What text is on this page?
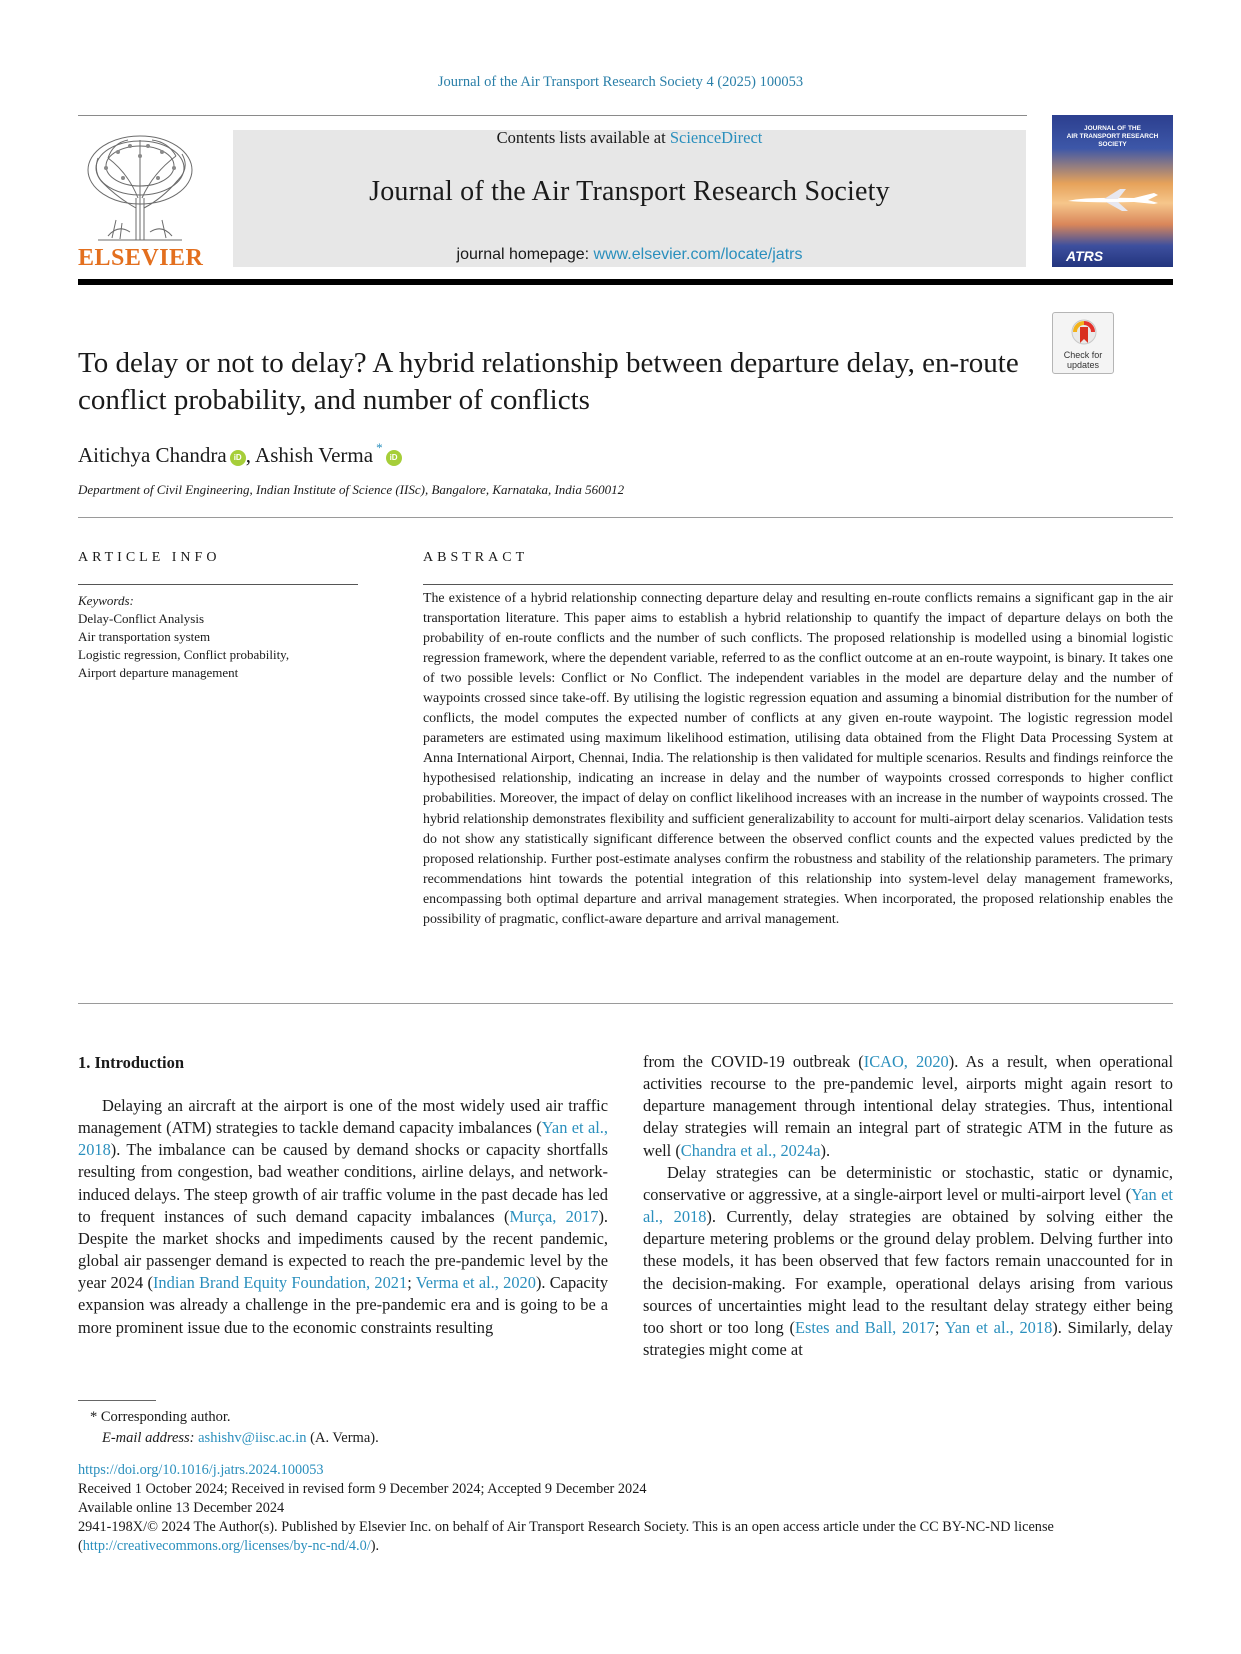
Journal of the Air Transport Research Society 4 (2025) 100053
ELSEVIER
Contents lists available at ScienceDirect
Journal of the Air Transport Research Society
journal homepage: www.elsevier.com/locate/jatrs
JOURNAL OF THE
AIR TRANSPORT RESEARCH SOCIETY
ATRS
Check for
updates
To delay or not to delay? A hybrid relationship between departure delay, en-route conflict probability, and number of conflicts
Aitichya Chandra iD , Ashish Verma *iD
Department of Civil Engineering, Indian Institute of Science (IISc), Bangalore, Karnataka, India 560012
ARTICLE INFO	ABSTRACT
Keywords:
Delay-Conflict Analysis
Air transportation system
Logistic regression, Conflict probability,
Airport departure management
The existence of a hybrid relationship connecting departure delay and resulting en-route conflicts remains a significant gap in the air transportation literature. This paper aims to establish a hybrid relationship to quantify the impact of departure delays on both the probability of en-route conflicts and the number of such conflicts. The proposed relationship is modelled using a binomial logistic regression framework, where the dependent variable, referred to as the conflict outcome at an en-route waypoint, is binary. It takes one of two possible levels: Conflict or No Conflict. The independent variables in the model are departure delay and the number of waypoints crossed since take-off. By utilising the logistic regression equation and assuming a binomial distribution for the number of conflicts, the model computes the expected number of conflicts at any given en-route waypoint. The logistic regression model parameters are estimated using maximum likelihood estimation, utilising data obtained from the Flight Data Processing System at Anna International Airport, Chennai, India. The relationship is then validated for multiple scenarios. Results and findings reinforce the hypothesised relationship, indicating an increase in delay and the number of waypoints crossed corresponds to higher conflict probabilities. Moreover, the impact of delay on conflict likelihood increases with an increase in the number of waypoints crossed. The hybrid relationship demonstrates flexibility and sufficient generalizability to account for multi-airport delay scenarios. Validation tests do not show any statistically significant difference between the observed conflict counts and the expected values predicted by the proposed relationship. Further post-estimate analyses confirm the robustness and stability of the relationship parameters. The primary recommendations hint towards the potential integration of this relationship into system-level delay management frameworks, encompassing both optimal departure and arrival management strategies. When incorporated, the proposed relationship enables the possibility of pragmatic, conflict-aware departure and arrival management.
1. Introduction

Delaying an aircraft at the airport is one of the most widely used air traffic management (ATM) strategies to tackle demand capacity imbalances (Yan et al., 2018). The imbalance can be caused by demand shocks or capacity shortfalls resulting from congestion, bad weather conditions, airline delays, and network-induced delays. The steep growth of air traffic volume in the past decade has led to frequent instances of such demand capacity imbalances (Murça, 2017). Despite the market shocks and impediments caused by the recent pandemic, global air passenger demand is expected to reach the pre-pandemic level by the year 2024 (Indian Brand Equity Foundation, 2021; Verma et al., 2020). Capacity expansion was already a challenge in the pre-pandemic era and is going to be a more prominent issue due to the economic constraints resulting

from the COVID-19 outbreak (ICAO, 2020). As a result, when operational activities recourse to the pre-pandemic level, airports might again resort to departure management through intentional delay strategies. Thus, intentional delay strategies will remain an integral part of strategic ATM in the future as well (Chandra et al., 2024a).

Delay strategies can be deterministic or stochastic, static or dynamic, conservative or aggressive, at a single-airport level or multi-airport level (Yan et al., 2018). Currently, delay strategies are obtained by solving either the departure metering problems or the ground delay problem. Delving further into these models, it has been observed that few factors remain unaccounted for in the decision-making. For example, operational delays arising from various sources of uncertainties might lead to the resultant delay strategy either being too short or too long (Estes and Ball, 2017; Yan et al., 2018). Similarly, delay strategies might come at

* Corresponding author.
E-mail address: ashishv@iisc.ac.in (A. Verma).
https://doi.org/10.1016/j.jatrs.2024.100053
Received 1 October 2024; Received in revised form 9 December 2024; Accepted 9 December 2024
Available online 13 December 2024
2941-198X/© 2024 The Author(s). Published by Elsevier Inc. on behalf of Air Transport Research Society. This is an open access article under the CC BY-NC-ND license (http://creativecommons.org/licenses/by-nc-nd/4.0/).
